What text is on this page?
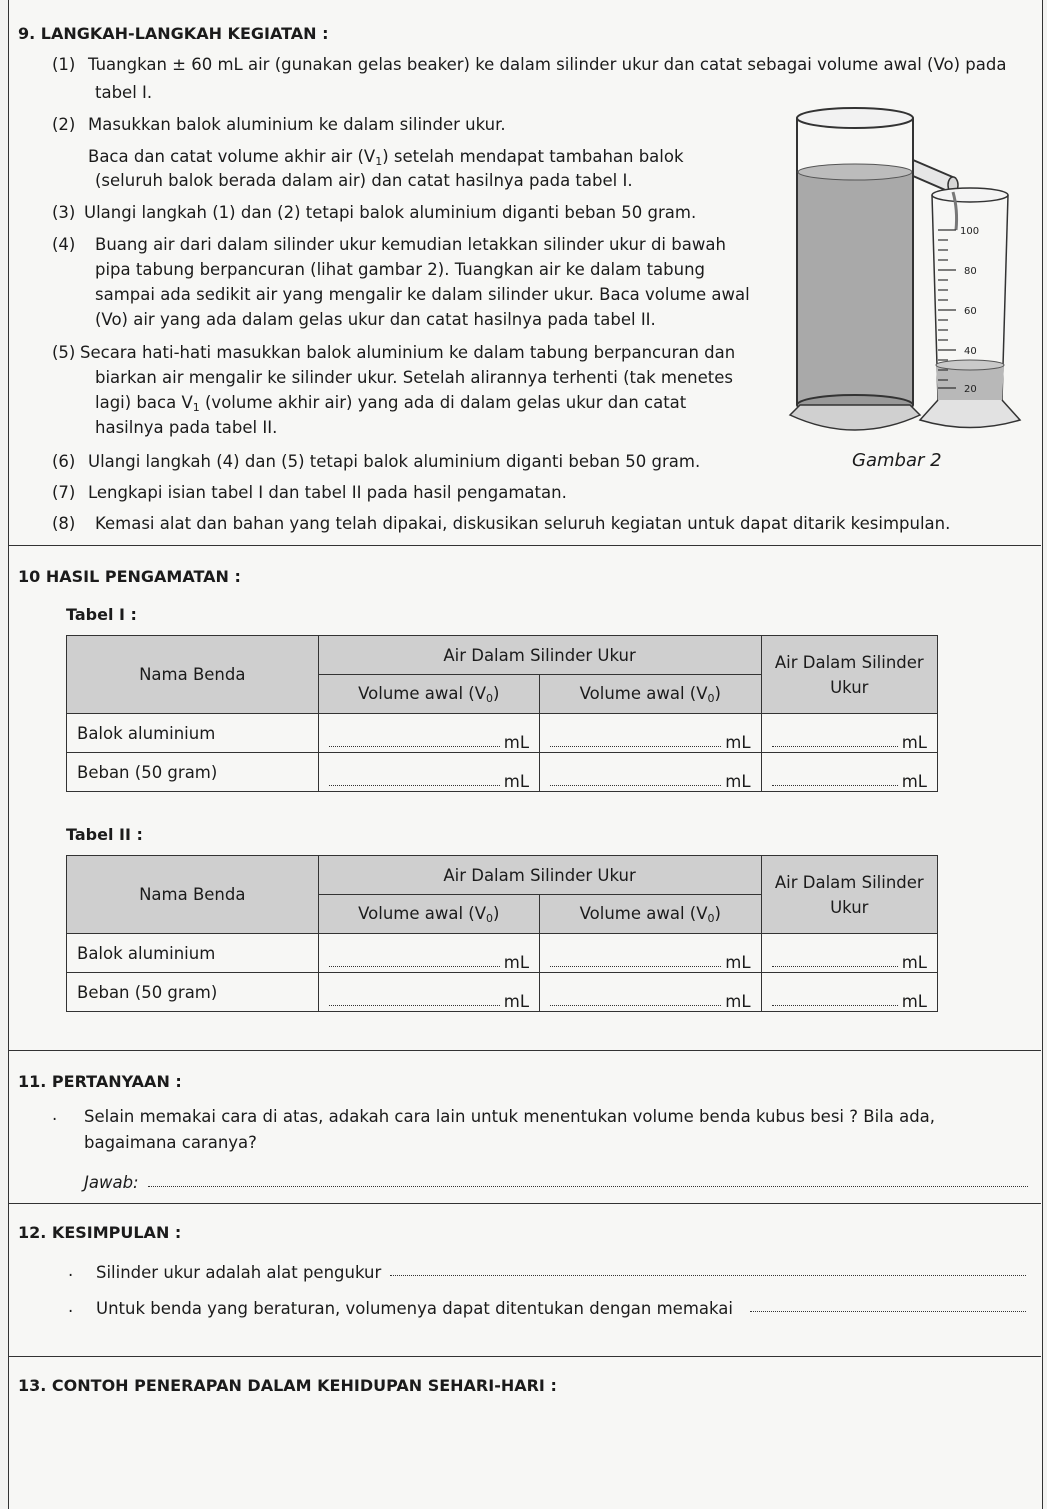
9. LANGKAH-LANGKAH KEGIATAN :
(1) Tuangkan ± 60 mL air (gunakan gelas beaker) ke dalam silinder ukur dan catat sebagai volume awal (Vo) pada
tabel I.
(2) Masukkan balok aluminium ke dalam silinder ukur.
Baca dan catat volume akhir air $(V_1)$ setelah mendapat tambahan balok
(seluruh balok berada dalam air) dan catat hasilnya pada tabel I.
(3) Ulangi langkah (1) dan (2) tetapi balok aluminium diganti beban 50 gram.
(4) Buang air dari dalam silinder ukur kemudian letakkan silinder ukur di bawah
pipa tabung berpancuran (lihat gambar 2). Tuangkan air ke dalam tabung
sampai ada sedikit air yang mengalir ke dalam silinder ukur. Baca volume awal
(Vo) air yang ada dalam gelas ukur dan catat hasilnya pada tabel II.
(5) Secara hati-hati masukkan balok aluminium ke dalam tabung berpancuran dan
biarkan air mengalir ke silinder ukur. Setelah alirannya terhenti (tak menetes
lagi) baca $V_1$ (volume akhir air) yang ada di dalam gelas ukur dan catat
hasilnya pada tabel II.
(6) Ulangi langkah (4) dan (5) tetapi balok aluminium diganti beban 50 gram.
(7) Lengkapi isian tabel I dan tabel II pada hasil pengamatan.
(8) Kemasi alat dan bahan yang telah dipakai, diskusikan seluruh kegiatan untuk dapat ditarik kesimpulan.
100
80
60
40
20
Gambar 2
10 HASIL PENGAMATAN :
Tabel I :
Nama Benda	Air Dalam Silinder Ukur		Air Dalam Silinder Ukur
	Volume awal $(V_0)$	Volume awal $(V_0)$	
Balok aluminium	mL	mL	mL

Beban (50 gram)	mL	mL	mL
Tabel II :
Nama Benda	Air Dalam Silinder Ukur		Air Dalam Silinder Ukur
	Volume awal $(V_0)$	Volume awal $(V_0)$	
Balok aluminium	mL	mL	mL

Beban (50 gram)	mL	mL	mL
11. PERTANYAAN :
. Selain memakai cara di atas, adakah cara lain untuk menentukan volume benda kubus besi ? Bila ada,
bagaimana caranya?
Jawab:
12. KESIMPULAN :
. Silinder ukur adalah alat pengukur
. Untuk benda yang beraturan, volumenya dapat ditentukan dengan memakai
13. CONTOH PENERAPAN DALAM KEHIDUPAN SEHARI-HARI :
